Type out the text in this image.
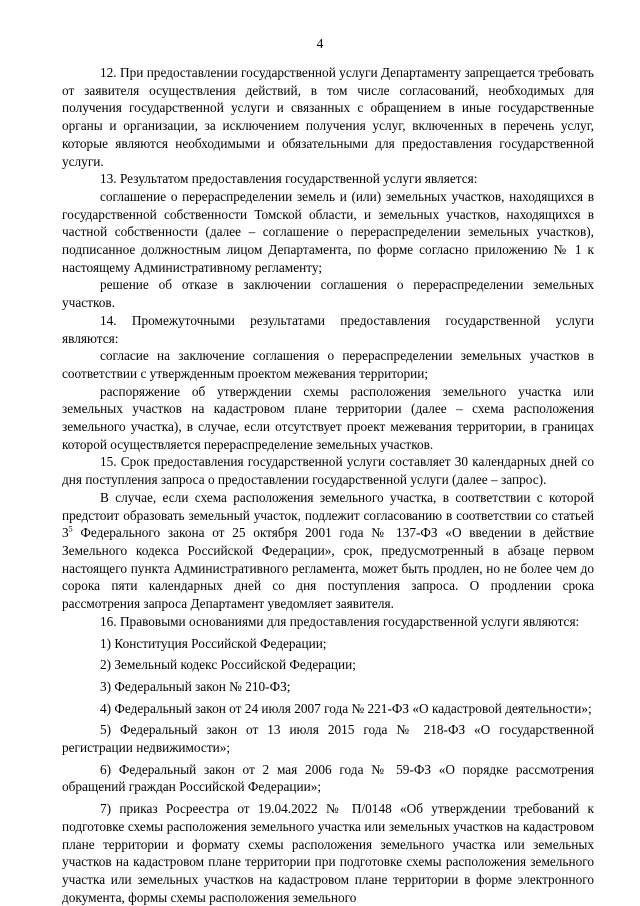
4

12. При предоставлении государственной услуги Департаменту запрещается требовать от заявителя осуществления действий, в том числе согласований, необходимых для получения государственной услуги и связанных с обращением в иные государственные органы и организации, за исключением получения услуг, включенных в перечень услуг, которые являются необходимыми и обязательными для предоставления государственной услуги.

13. Результатом предоставления государственной услуги является:

соглашение о перераспределении земель и (или) земельных участков, находящихся в государственной собственности Томской области, и земельных участков, находящихся в частной собственности (далее – соглашение о перераспределении земельных участков), подписанное должностным лицом Департамента, по форме согласно приложению № 1 к настоящему Административному регламенту;

решение об отказе в заключении соглашения о перераспределении земельных участков.

14. Промежуточными результатами предоставления государственной услуги являются:

согласие на заключение соглашения о перераспределении земельных участков в соответствии с утвержденным проектом межевания территории;

распоряжение об утверждении схемы расположения земельного участка или земельных участков на кадастровом плане территории (далее – схема расположения земельного участка), в случае, если отсутствует проект межевания территории, в границах которой осуществляется перераспределение земельных участков.

15. Срок предоставления государственной услуги составляет 30 календарных дней со дня поступления запроса о предоставлении государственной услуги (далее – запрос).

В случае, если схема расположения земельного участка, в соответствии с которой предстоит образовать земельный участок, подлежит согласованию в соответствии со статьей $3^5$ Федерального закона от 25 октября 2001 года № 137-ФЗ «О введении в действие Земельного кодекса Российской Федерации», срок, предусмотренный в абзаце первом настоящего пункта Административного регламента, может быть продлен, но не более чем до сорока пяти календарных дней со дня поступления запроса. О продлении срока рассмотрения запроса Департамент уведомляет заявителя.

16. Правовыми основаниями для предоставления государственной услуги являются:

1) Конституция Российской Федерации;

2) Земельный кодекс Российской Федерации;

3) Федеральный закон № 210-ФЗ;

4) Федеральный закон от 24 июля 2007 года № 221-ФЗ «О кадастровой деятельности»;

5) Федеральный закон от 13 июля 2015 года № 218-ФЗ «О государственной регистрации недвижимости»;

6) Федеральный закон от 2 мая 2006 года № 59-ФЗ «О порядке рассмотрения обращений граждан Российской Федерации»;

7) приказ Росреестра от 19.04.2022 № П/0148 «Об утверждении требований к подготовке схемы расположения земельного участка или земельных участков на кадастровом плане территории и формату схемы расположения земельного участка или земельных участков на кадастровом плане территории при подготовке схемы расположения земельного участка или земельных участков на кадастровом плане территории в форме электронного документа, формы схемы расположения земельного
